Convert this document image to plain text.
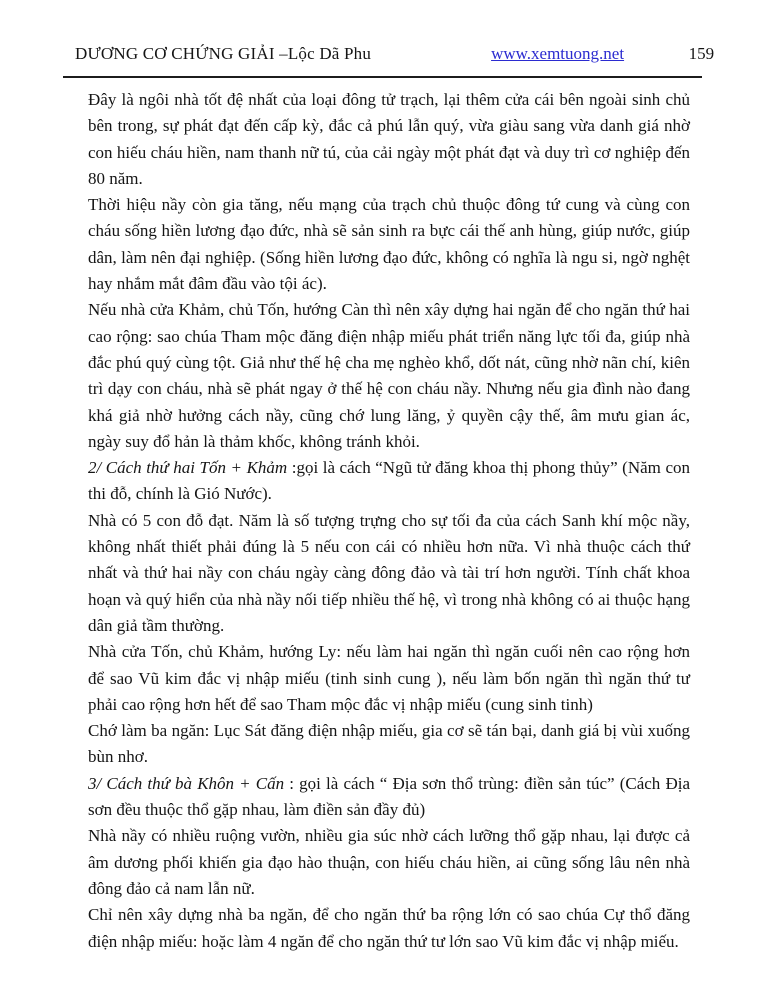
DƯƠNG CƠ CHỨNG GIẢI –Lộc Dã Phu	www.xemtuong.net	159

Đây là ngôi nhà tốt đệ nhất của loại đông tử trạch, lại thêm cửa cái bên ngoài sinh chủ bên trong, sự phát đạt đến cấp kỳ, đắc cả phú lẫn quý, vừa giàu sang vừa danh giá nhờ con hiếu cháu hiền, nam thanh nữ tú, của cải ngày một phát đạt và duy trì cơ nghiệp đến 80 năm.

Thời hiệu nầy còn gia tăng, nếu mạng của trạch chủ thuộc đông tứ cung và cùng con cháu sống hiền lương đạo đức, nhà sẽ sản sinh ra bực cái thế anh hùng, giúp nước, giúp dân, làm nên đại nghiệp. (Sống hiền lương đạo đức, không có nghĩa là ngu si, ngờ nghệt hay nhắm mắt đâm đầu vào tội ác).

Nếu nhà cửa Khảm, chủ Tốn, hướng Càn thì nên xây dựng hai ngăn để cho ngăn thứ hai cao rộng: sao chúa Tham mộc đăng điện nhập miếu phát triển năng lực tối đa, giúp nhà đắc phú quý cùng tột. Giả như thế hệ cha mẹ nghèo khổ, dốt nát, cũng nhờ nãn chí, kiên trì dạy con cháu, nhà sẽ phát ngay ở thế hệ con cháu nầy. Nhưng nếu gia đình nào đang khá giả nhờ hưởng cách nầy, cũng chớ lung lăng, ỷ quyền cậy thế, âm mưu gian ác, ngày suy đổ hản là thảm khốc, không tránh khỏi.

2/ Cách thứ hai Tốn + Khảm :gọi là cách “Ngũ tử đăng khoa thị phong thủy” (Năm con thi đỗ, chính là Gió Nước).

Nhà có 5 con đỗ đạt. Năm là số tượng trựng cho sự tối đa của cách Sanh khí mộc nầy, không nhất thiết phải đúng là 5 nếu con cái có nhiều hơn nữa. Vì nhà thuộc cách thứ nhất và thứ hai nầy con cháu ngày càng đông đảo và tài trí hơn người. Tính chất khoa hoạn và quý hiển của nhà nầy nối tiếp nhiều thế hệ, vì trong nhà không có ai thuộc hạng dân giả tầm thường.

Nhà cửa Tốn, chủ Khảm, hướng Ly: nếu làm hai ngăn thì ngăn cuối nên cao rộng hơn để sao Vũ kim đắc vị nhập miếu (tinh sinh cung ), nếu làm bốn ngăn thì ngăn thứ tư phải cao rộng hơn hết để sao Tham mộc đắc vị nhập miếu (cung sinh tinh)

Chớ làm ba ngăn: Lục Sát đăng điện nhập miếu, gia cơ sẽ tán bại, danh giá bị vùi xuống bùn nhơ.

3/ Cách thứ bà Khôn + Cấn : gọi là cách “ Địa sơn thổ trùng: điền sản túc” (Cách Địa sơn đều thuộc thổ gặp nhau, làm điền sản đầy đủ)

Nhà nầy có nhiều ruộng vườn, nhiều gia súc nhờ cách lưỡng thổ gặp nhau, lại được cả âm dương phối khiến gia đạo hào thuận, con hiếu cháu hiền, ai cũng sống lâu nên nhà đông đảo cả nam lẫn nữ.

Chỉ nên xây dựng nhà ba ngăn, để cho ngăn thứ ba rộng lớn có sao chúa Cự thổ đăng điện nhập miếu: hoặc làm 4 ngăn để cho ngăn thứ tư lớn sao Vũ kim đắc vị nhập miếu.
